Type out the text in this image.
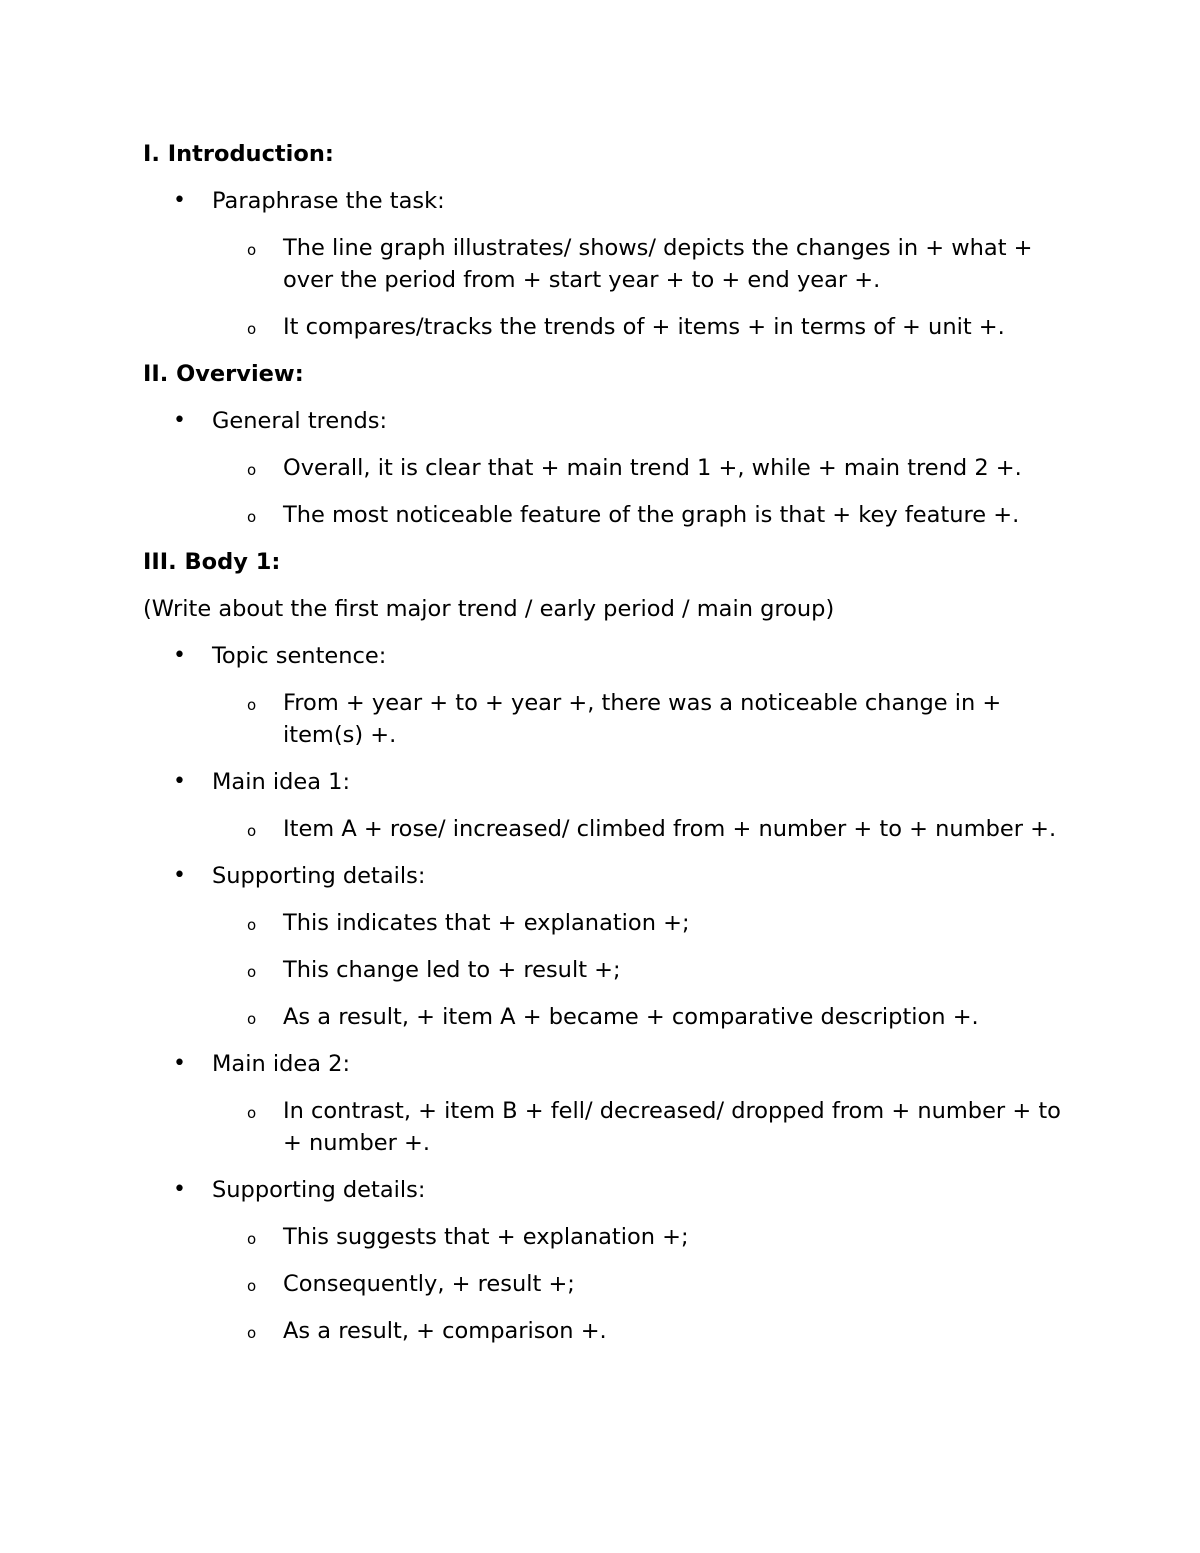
I. Introduction:
•	Paraphrase the task:
o The line graph illustrates/ shows/ depicts the changes in + what + over the period from + start year + to + end year +.
o It compares/tracks the trends of + items + in terms of + unit +.
II. Overview:
•	General trends:
o Overall, it is clear that + main trend 1 +, while + main trend 2 +.
o The most noticeable feature of the graph is that + key feature +.
III. Body 1:
(Write about the first major trend / early period / main group)
•	Topic sentence:
o From + year + to + year +, there was a noticeable change in + item(s) +.
•	Main idea 1:
o Item A + rose/ increased/ climbed from + number + to + number +.
•	Supporting details:
o This indicates that + explanation +;
o This change led to + result +;
o As a result, + item A + became + comparative description +.
•	Main idea 2:
o In contrast, + item B + fell/ decreased/ dropped from + number + to + number +.
•	Supporting details:
o This suggests that + explanation +;
o Consequently, + result +;
o As a result, + comparison +.
